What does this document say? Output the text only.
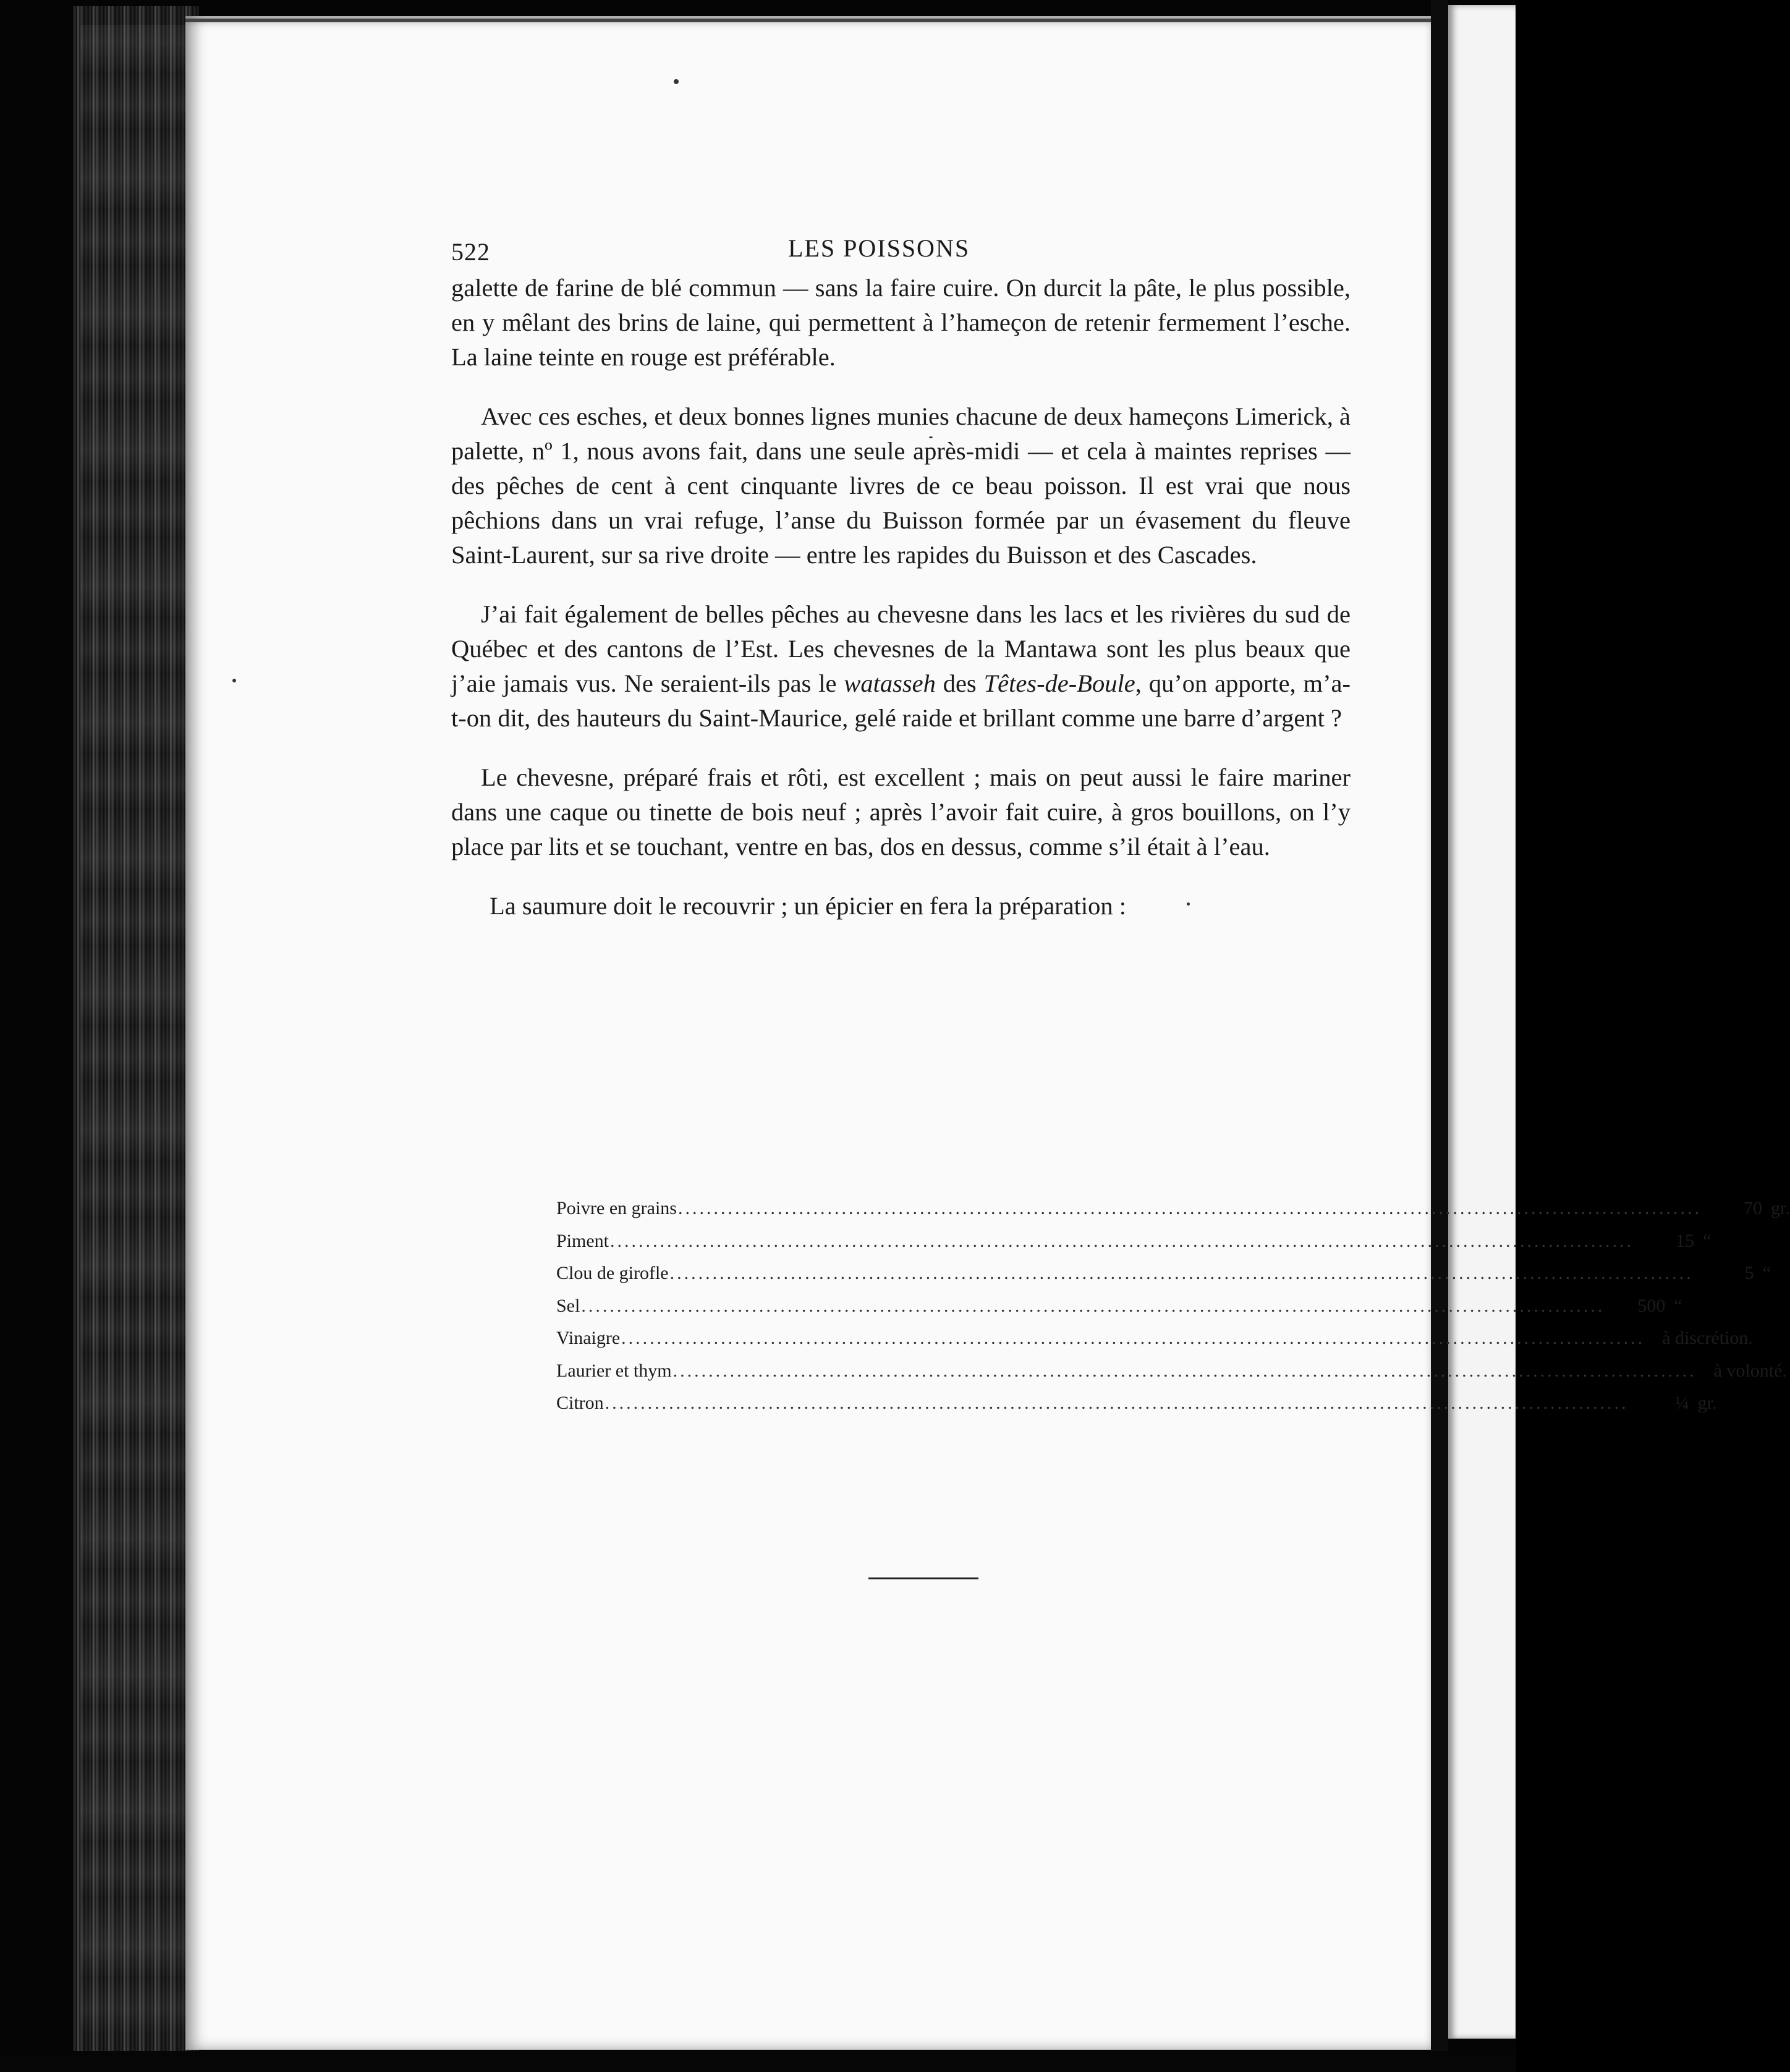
522	LES POISSONS

galette de farine de blé commun — sans la faire cuire. On durcit la pâte, le plus possible, en y mêlant des brins de laine, qui permettent à l’hameçon de retenir fermement l’esche. La laine teinte en rouge est préférable.

Avec ces esches, et deux bonnes lignes munies chacune de deux hameçons Limerick, à palette, nº 1, nous avons fait, dans une seule après-midi — et cela à maintes reprises — des pêches de cent à cent cinquante livres de ce beau poisson. Il est vrai que nous pêchions dans un vrai refuge, l’anse du Buisson formée par un évasement du fleuve Saint-Laurent, sur sa rive droite — entre les rapides du Buisson et des Cascades.

J’ai fait également de belles pêches au chevesne dans les lacs et les rivières du sud de Québec et des cantons de l’Est. Les chevesnes de la Mantawa sont les plus beaux que j’aie jamais vus. Ne seraient-ils pas le watasseh des Têtes-de-Boule, qu’on apporte, m’a-t-on dit, des hauteurs du Saint-Maurice, gelé raide et brillant comme une barre d’argent ?

Le chevesne, préparé frais et rôti, est excellent ; mais on peut aussi le faire mariner dans une caque ou tinette de bois neuf ; après l’avoir fait cuire, à gros bouillons, on l’y place par lits et se touchant, ventre en bas, dos en dessus, comme s’il était à l’eau.

La saumure doit le recouvrir ; un épicier en fera la préparation :

Poivre en grains ................................................................................................................................................	70 gr.
Piment ................................................................................................................................................	15 “
Clou de girofle ................................................................................................................................................	5 “
Sel ................................................................................................................................................	500 “
Vinaigre ................................................................................................................................................ à discrétion.
Laurier et thym ................................................................................................................................................ à volonté.
Citron ................................................................................................................................................	¼ gr.
